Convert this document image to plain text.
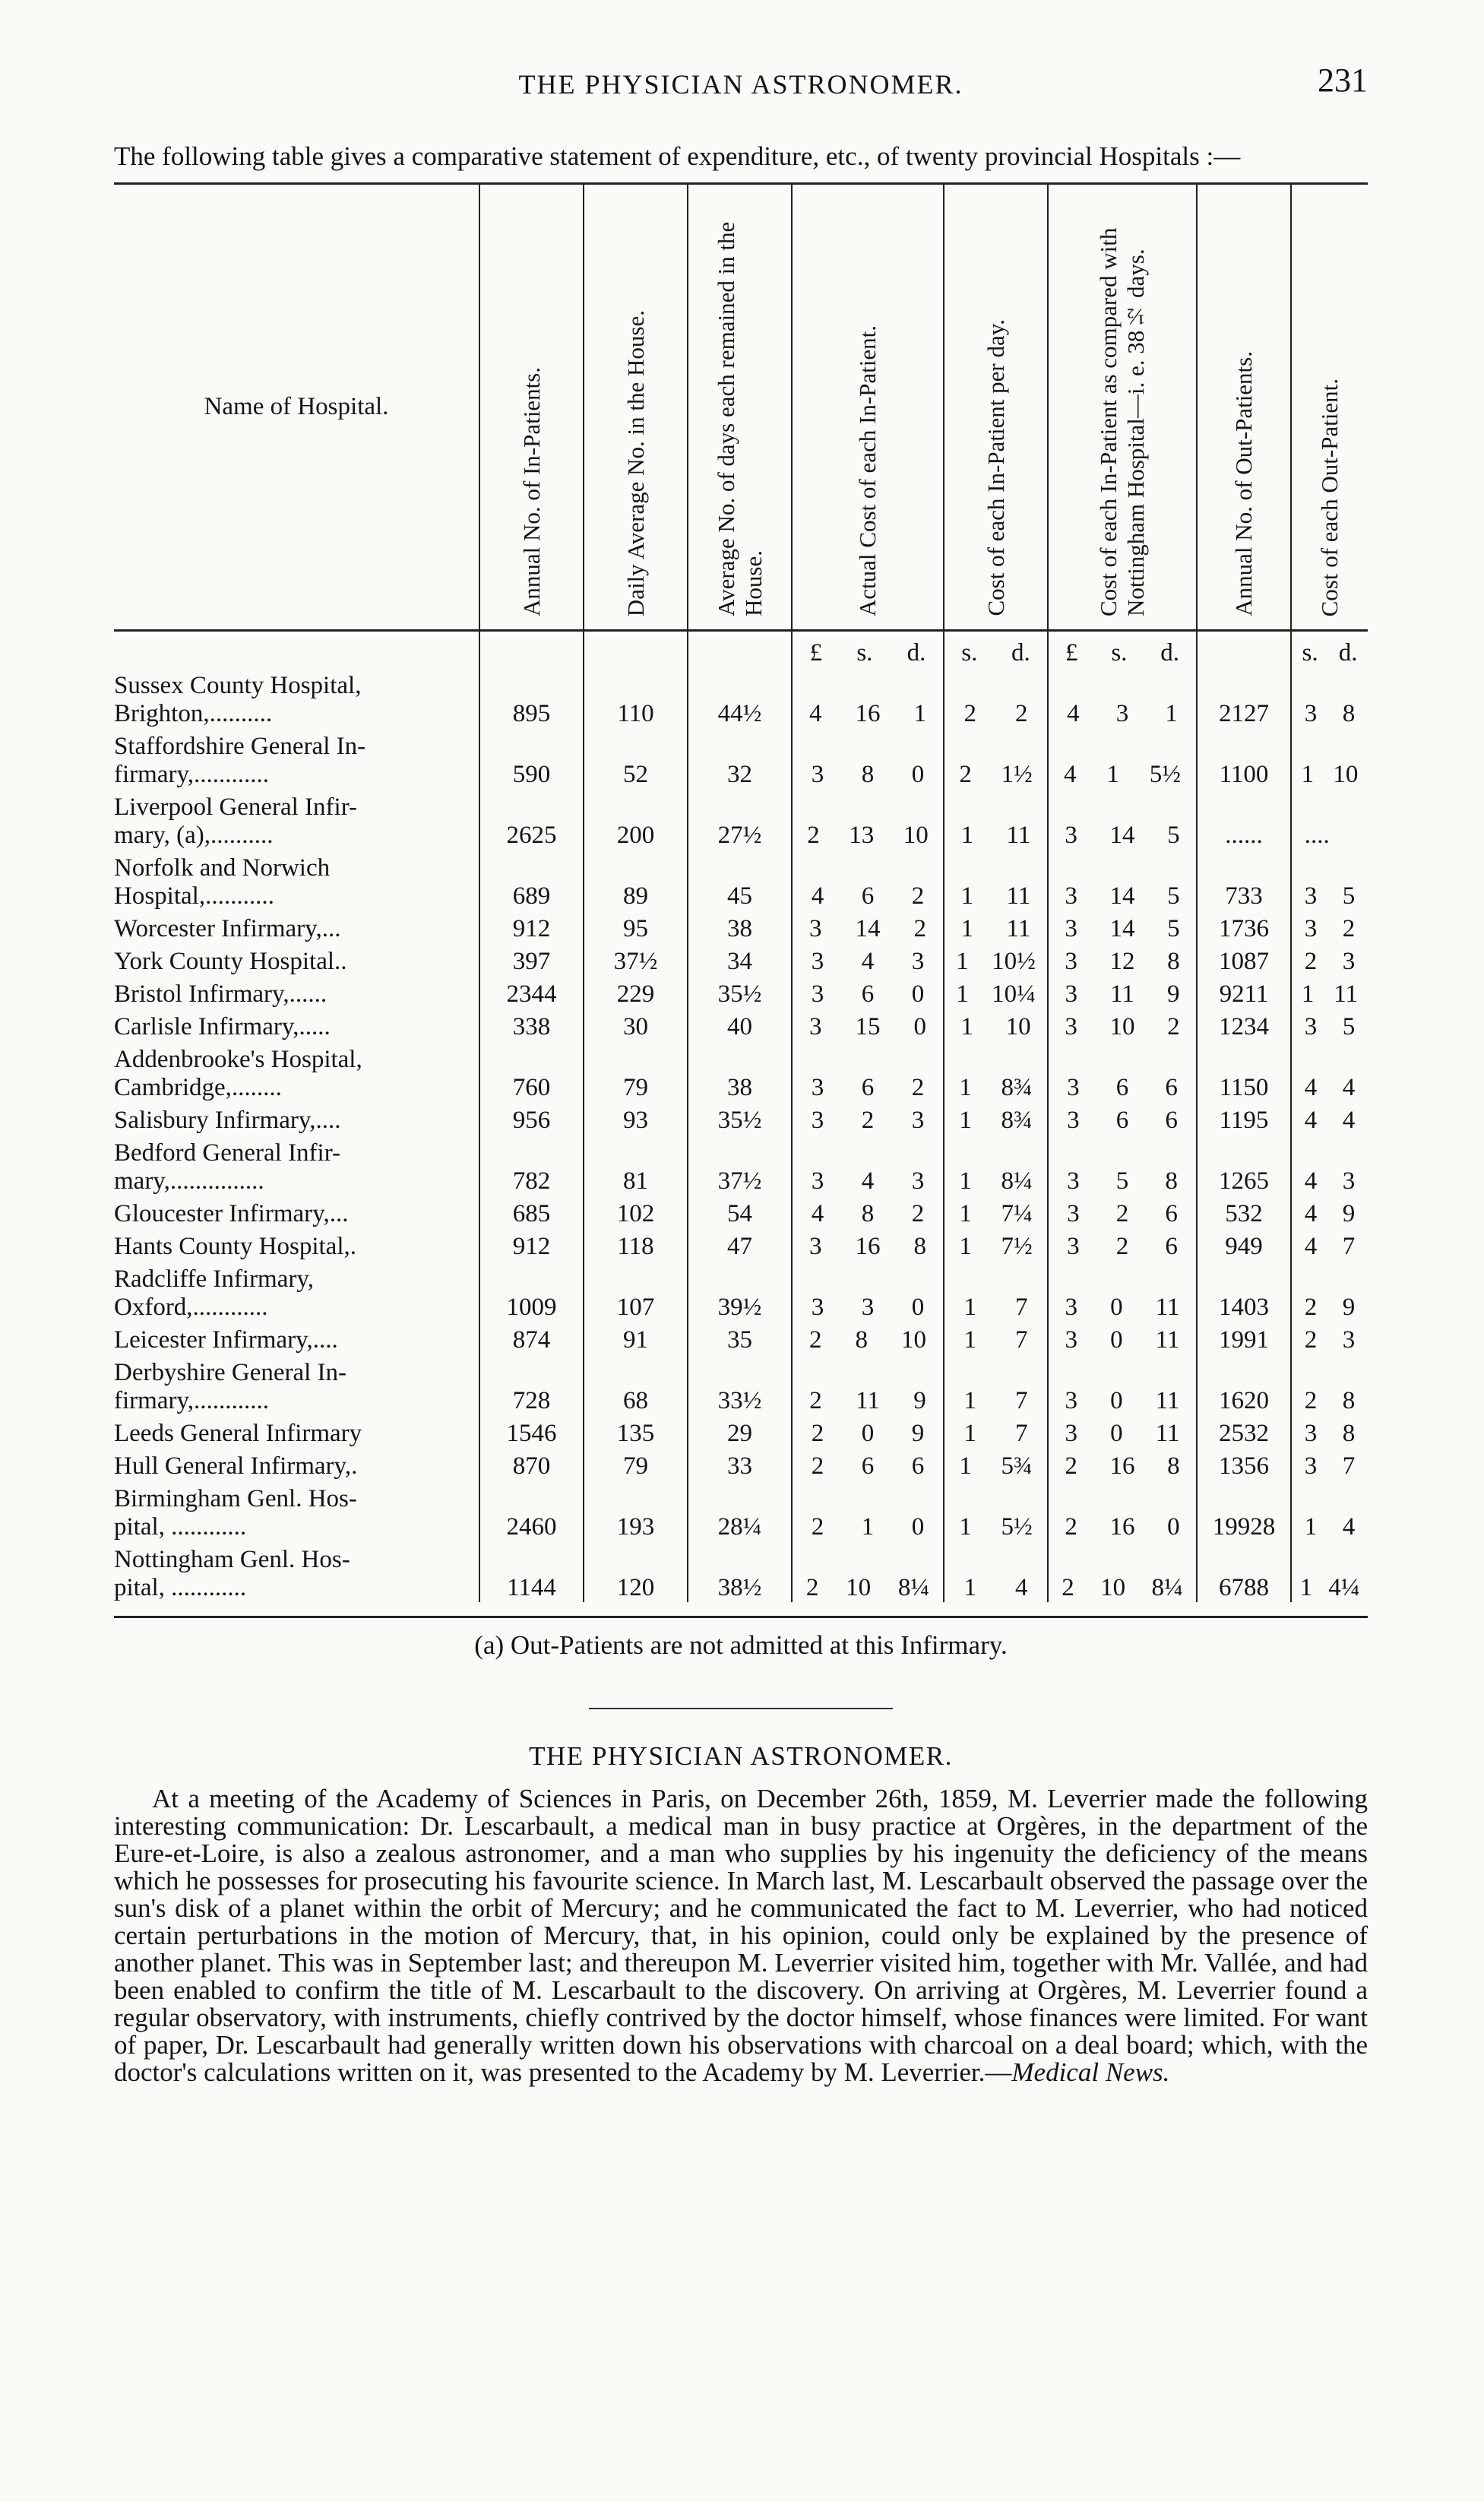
THE PHYSICIAN ASTRONOMER.	231
The following table gives a comparative statement of expenditure, etc., of twenty provincial Hospitals :—
Name of Hospital.	Annual No. of In-Patients.	Daily Average No. in the House.	Average No. of days each remained in the House.	Actual Cost of each In-Patient.	Cost of each In-Patient per day.	Cost of each In-Patient as compared with Nottingham Hospital—i. e. 38½ days.	Annual No. of Out-Patients.	Cost of each Out-Patient.

				£ s. d.	s. d.	£ s. d.		s. d.

Sussex County Hospital,
Brighton,..........	895	110	44½	4 16 1	2 2	4 3 1	2127	3 8

Staffordshire General In-
firmary,............	590	52	32	3 8 0	2 1½	4 1 5½	1100	1 10

Liverpool General Infir-
mary, (a),..........	2625	200	27½	2 13 10	1 11	3 14 5	......	....

Norfolk and Norwich
Hospital,...........	689	89	45	4 6 2	1 11	3 14 5	733	3 5

Worcester Infirmary,...	912	95	38	3 14 2	1 11	3 14 5	1736	3 2

York County Hospital..	397	37½	34	3 4 3	1 10½	3 12 8	1087	2 3

Bristol Infirmary,......	2344	229	35½	3 6 0	1 10¼	3 11 9	9211	1 11

Carlisle Infirmary,.....	338	30	40	3 15 0	1 10	3 10 2	1234	3 5

Addenbrooke's Hospital,
Cambridge,........	760	79	38	3 6 2	1 8¾	3 6 6	1150	4 4

Salisbury Infirmary,....	956	93	35½	3 2 3	1 8¾	3 6 6	1195	4 4

Bedford General Infir-
mary,...............	782	81	37½	3 4 3	1 8¼	3 5 8	1265	4 3

Gloucester Infirmary,...	685	102	54	4 8 2	1 7¼	3 2 6	532	4 9

Hants County Hospital,.	912	118	47	3 16 8	1 7½	3 2 6	949	4 7

Radcliffe Infirmary,
Oxford,............	1009	107	39½	3 3 0	1 7	3 0 11	1403	2 9

Leicester Infirmary,....	874	91	35	2 8 10	1 7	3 0 11	1991	2 3

Derbyshire General In-
firmary,............	728	68	33½	2 11 9	1 7	3 0 11	1620	2 8

Leeds General Infirmary	1546	135	29	2 0 9	1 7	3 0 11	2532	3 8

Hull General Infirmary,.	870	79	33	2 6 6	1 5¾	2 16 8	1356	3 7

Birmingham Genl. Hos-
pital, ............	2460	193	28¼	2 1 0	1 5½	2 16 0	19928	1 4

Nottingham Genl. Hos-
pital, ............	1144	120	38½	2 10 8¼	1 4	2 10 8¼	6788	1 4¼
(a) Out-Patients are not admitted at this Infirmary.
THE PHYSICIAN ASTRONOMER.
At a meeting of the Academy of Sciences in Paris, on December 26th, 1859, M. Leverrier made the following interesting communication: Dr. Lescarbault, a medical man in busy practice at Orgères, in the department of the Eure-et-Loire, is also a zealous astronomer, and a man who supplies by his ingenuity the deficiency of the means which he possesses for prosecuting his favourite science. In March last, M. Lescarbault observed the passage over the sun's disk of a planet within the orbit of Mercury; and he communicated the fact to M. Leverrier, who had noticed certain perturbations in the motion of Mercury, that, in his opinion, could only be explained by the presence of another planet. This was in September last; and thereupon M. Leverrier visited him, together with Mr. Vallée, and had been enabled to confirm the title of M. Lescarbault to the discovery. On arriving at Orgères, M. Leverrier found a regular observatory, with instruments, chiefly contrived by the doctor himself, whose finances were limited. For want of paper, Dr. Lescarbault had generally written down his observations with charcoal on a deal board; which, with the doctor's calculations written on it, was presented to the Academy by M. Leverrier.—Medical News.
